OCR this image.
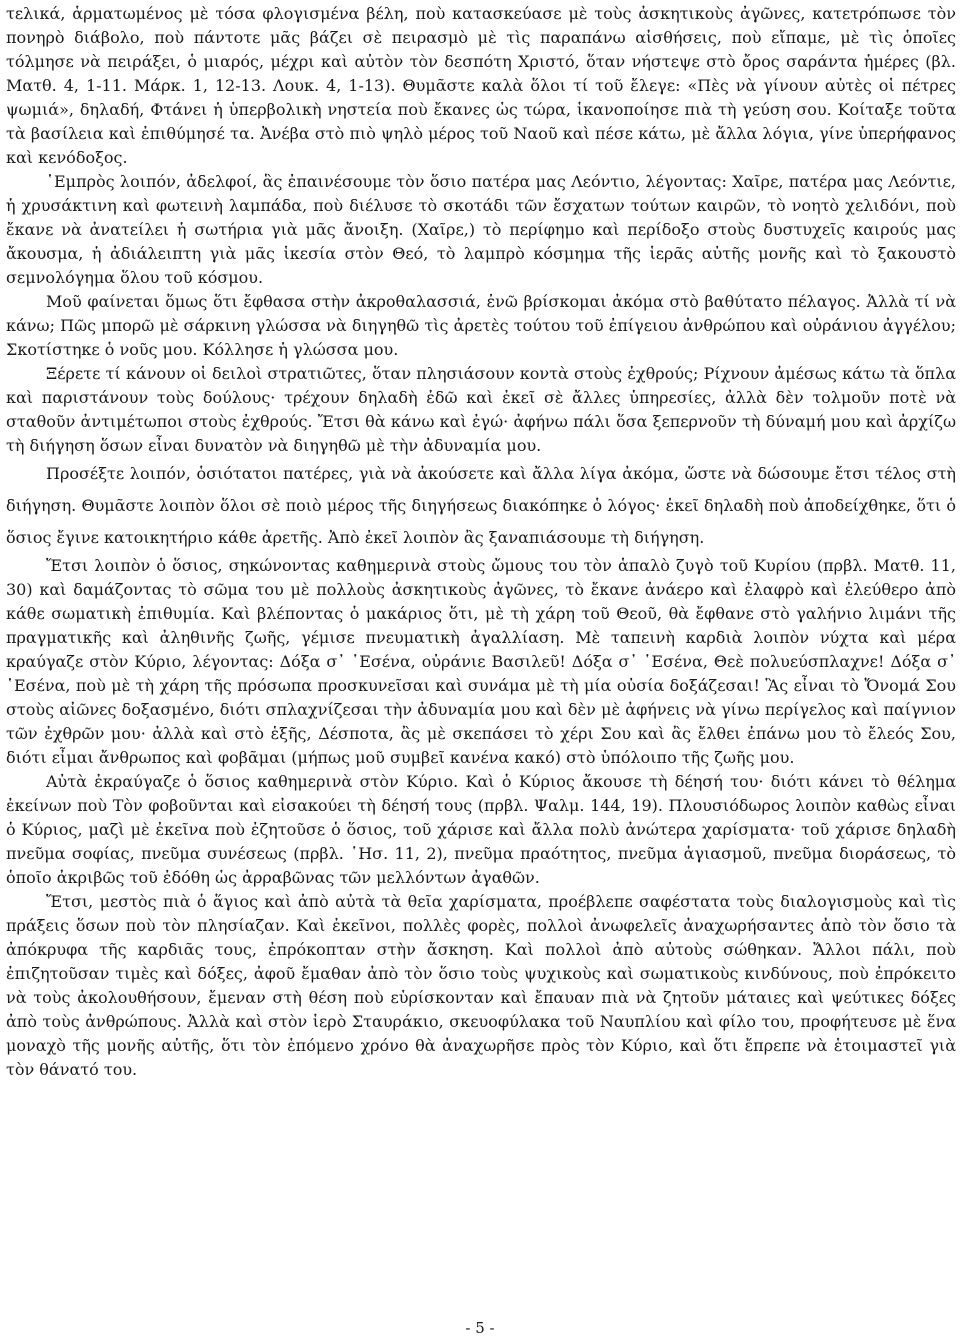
τελικά, ἁρματωμένος μὲ τόσα φλογισμένα βέλη, ποὺ κατασκεύασε μὲ τοὺς ἀσκητικοὺς ἀγῶνες, κατετρόπωσε τὸν πονηρὸ διάβολο, ποὺ πάντοτε μᾶς βάζει σὲ πειρασμὸ μὲ τὶς παραπάνω αἰσθήσεις, ποὺ εἴπαμε, μὲ τὶς ὁποῖες τόλμησε νὰ πειράξει, ὁ μιαρός, μέχρι καὶ αὐτὸν τὸν δεσπότη Χριστό, ὅταν νήστεψε στὸ ὄρος σαράντα ἡμέρες (βλ. Ματθ. 4, 1-11. Μάρκ. 1, 12-13. Λουκ. 4, 1-13). Θυμᾶστε καλὰ ὅλοι τί τοῦ ἔλεγε: «Πὲς νὰ γίνουν αὐτὲς οἱ πέτρες ψωμιά», δηλαδή, Φτάνει ἡ ὑπερβολικὴ νηστεία ποὺ ἔκανες ὡς τώρα, ἱκανοποίησε πιὰ τὴ γεύση σου. Κοίταξε τοῦτα τὰ βασίλεια καὶ ἐπιθύμησέ τα. Ἀνέβα στὸ πιὸ ψηλὸ μέρος τοῦ Ναοῦ καὶ πέσε κάτω, μὲ ἄλλα λόγια, γίνε ὑπερήφανος καὶ κενόδοξος.

῾Εμπρὸς λοιπόν, ἀδελφοί, ἃς ἐπαινέσουμε τὸν ὅσιο πατέρα μας Λεόντιο, λέγοντας: Χαῖρε, πατέρα μας Λεόντιε, ἡ χρυσάκτινη καὶ φωτεινὴ λαμπάδα, ποὺ διέλυσε τὸ σκοτάδι τῶν ἔσχατων τούτων καιρῶν, τὸ νοητὸ χελιδόνι, ποὺ ἔκανε νὰ ἀνατείλει ἡ σωτήρια γιὰ μᾶς ἄνοιξη. (Χαῖρε,) τὸ περίφημο καὶ περίδοξο στοὺς δυστυχεῖς καιρούς μας ἄκουσμα, ἡ ἀδιάλειπτη γιὰ μᾶς ἱκεσία στὸν Θεό, τὸ λαμπρὸ κόσμημα τῆς ἱερᾶς αὐτῆς μονῆς καὶ τὸ ξακουστὸ σεμνολόγημα ὅλου τοῦ κόσμου.

Μοῦ φαίνεται ὅμως ὅτι ἔφθασα στὴν ἀκροθαλασσιά, ἐνῶ βρίσκομαι ἀκόμα στὸ βαθύτατο πέλαγος. Ἀλλὰ τί νὰ κάνω; Πῶς μπορῶ μὲ σάρκινη γλώσσα νὰ διηγηθῶ τὶς ἀρετὲς τούτου τοῦ ἐπίγειου ἀνθρώπου καὶ οὐράνιου ἀγγέλου; Σκοτίστηκε ὁ νοῦς μου. Κόλλησε ἡ γλώσσα μου.

Ξέρετε τί κάνουν οἱ δειλοὶ στρατιῶτες, ὅταν πλησιάσουν κοντὰ στοὺς ἐχθρούς; Ρίχνουν ἀμέσως κάτω τὰ ὅπλα καὶ παριστάνουν τοὺς δούλους· τρέχουν δηλαδὴ ἐδῶ καὶ ἐκεῖ σὲ ἄλλες ὑπηρεσίες, ἀλλὰ δὲν τολμοῦν ποτὲ νὰ σταθοῦν ἀντιμέτωποι στοὺς ἐχθρούς. Ἔτσι θὰ κάνω καὶ ἐγώ· ἀφήνω πάλι ὅσα ξεπερνοῦν τὴ δύναμή μου καὶ ἀρχίζω τὴ διήγηση ὅσων εἶναι δυνατὸν νὰ διηγηθῶ μὲ τὴν ἀδυναμία μου.

Προσέξτε λοιπόν, ὁσιότατοι πατέρες, γιὰ νὰ ἀκούσετε καὶ ἄλλα λίγα ἀκόμα, ὥστε νὰ δώσουμε ἔτσι τέλος στὴ διήγηση. Θυμᾶστε λοιπὸν ὅλοι σὲ ποιὸ μέρος τῆς διηγήσεως διακόπηκε ὁ λόγος· ἐκεῖ δηλαδὴ ποὺ ἀποδείχθηκε, ὅτι ὁ ὅσιος ἔγινε κατοικητήριο κάθε ἀρετῆς. Ἀπὸ ἐκεῖ λοιπὸν ἂς ξαναπιάσουμε τὴ διήγηση.

Ἔτσι λοιπὸν ὁ ὅσιος, σηκώνοντας καθημερινὰ στοὺς ὤμους του τὸν ἁπαλὸ ζυγὸ τοῦ Κυρίου (πρβλ. Ματθ. 11, 30) καὶ δαμάζοντας τὸ σῶμα του μὲ πολλοὺς ἀσκητικοὺς ἀγῶνες, τὸ ἔκανε ἀνάερο καὶ ἐλαφρὸ καὶ ἐλεύθερο ἀπὸ κάθε σωματικὴ ἐπιθυμία. Καὶ βλέποντας ὁ μακάριος ὅτι, μὲ τὴ χάρη τοῦ Θεοῦ, θὰ ἔφθανε στὸ γαλήνιο λιμάνι τῆς πραγματικῆς καὶ ἀληθινῆς ζωῆς, γέμισε πνευματικὴ ἀγαλλίαση. Μὲ ταπεινὴ καρδιὰ λοιπὸν νύχτα καὶ μέρα κραύγαζε στὸν Κύριο, λέγοντας: Δόξα σ᾽ ῾Εσένα, οὐράνιε Βασιλεῦ! Δόξα σ᾽ ῾Εσένα, Θεὲ πολυεύσπλαχνε! Δόξα σ᾽ ῾Εσένα, ποὺ μὲ τὴ χάρη τῆς πρόσωπα προσκυνεῖσαι καὶ συνάμα μὲ τὴ μία οὐσία δοξάζεσαι! Ἃς εἶναι τὸ Ὄνομά Σου στοὺς αἰῶνες δοξασμένο, διότι σπλαχνίζεσαι τὴν ἀδυναμία μου καὶ δὲν μὲ ἀφήνεις νὰ γίνω περίγελος καὶ παίγνιον τῶν ἐχθρῶν μου· ἀλλὰ καὶ στὸ ἑξῆς, Δέσποτα, ἂς μὲ σκεπάσει τὸ χέρι Σου καὶ ἂς ἔλθει ἐπάνω μου τὸ ἔλεός Σου, διότι εἶμαι ἄνθρωπος καὶ φοβᾶμαι (μήπως μοῦ συμβεῖ κανένα κακό) στὸ ὑπόλοιπο τῆς ζωῆς μου.

Αὐτὰ ἐκραύγαζε ὁ ὅσιος καθημερινὰ στὸν Κύριο. Καὶ ὁ Κύριος ἄκουσε τὴ δέησή του· διότι κάνει τὸ θέλημα ἐκείνων ποὺ Τὸν φοβοῦνται καὶ εἰσακούει τὴ δέησή τους (πρβλ. Ψαλμ. 144, 19). Πλουσιόδωρος λοιπὸν καθὼς εἶναι ὁ Κύριος, μαζὶ μὲ ἐκεῖνα ποὺ ἐζητοῦσε ὁ ὅσιος, τοῦ χάρισε καὶ ἄλλα πολὺ ἀνώτερα χαρίσματα· τοῦ χάρισε δηλαδὴ πνεῦμα σοφίας, πνεῦμα συνέσεως (πρβλ. ῾Ησ. 11, 2), πνεῦμα πραότητος, πνεῦμα ἁγιασμοῦ, πνεῦμα διοράσεως, τὸ ὁποῖο ἀκριβῶς τοῦ ἐδόθη ὡς ἀρραβῶνας τῶν μελλόντων ἀγαθῶν.

Ἔτσι, μεστὸς πιὰ ὁ ἅγιος καὶ ἀπὸ αὐτὰ τὰ θεῖα χαρίσματα, προέβλεπε σαφέστατα τοὺς διαλογισμοὺς καὶ τὶς πράξεις ὅσων ποὺ τὸν πλησίαζαν. Καὶ ἐκεῖνοι, πολλὲς φορὲς, πολλοὶ ἀνωφελεῖς ἀναχωρήσαντες ἀπὸ τὸν ὅσιο τὰ ἀπόκρυφα τῆς καρδιᾶς τους, ἐπρόκοπταν στὴν ἄσκηση. Καὶ πολλοὶ ἀπὸ αὐτοὺς σώθηκαν. Ἄλλοι πάλι, ποὺ ἐπιζητοῦσαν τιμὲς καὶ δόξες, ἀφοῦ ἔμαθαν ἀπὸ τὸν ὅσιο τοὺς ψυχικοὺς καὶ σωματικοὺς κινδύνους, ποὺ ἐπρόκειτο νὰ τοὺς ἀκολουθήσουν, ἔμεναν στὴ θέση ποὺ εὑρίσκονταν καὶ ἔπαυαν πιὰ νὰ ζητοῦν μάταιες καὶ ψεύτικες δόξες ἀπὸ τοὺς ἀνθρώπους. Ἀλλὰ καὶ στὸν ἱερὸ Σταυράκιο, σκευοφύλακα τοῦ Ναυπλίου καὶ φίλο του, προφήτευσε μὲ ἕνα μοναχὸ τῆς μονῆς αὐτῆς, ὅτι τὸν ἑπόμενο χρόνο θὰ ἀναχωρῆσε πρὸς τὸν Κύριο, καὶ ὅτι ἔπρεπε νὰ ἑτοιμαστεῖ γιὰ τὸν θάνατό του.

- 5 -
